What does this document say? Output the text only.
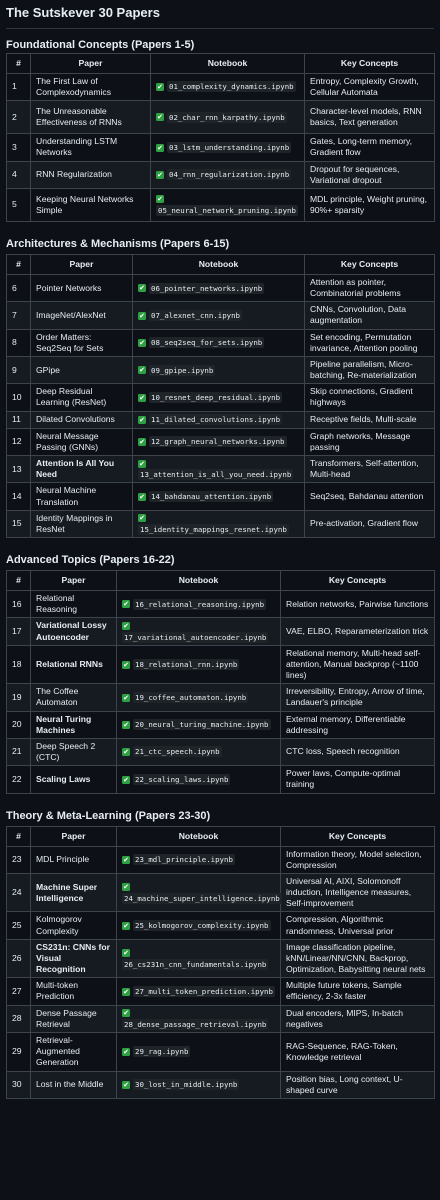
The Sutskever 30 Papers
Foundational Concepts (Papers 1-5)
#	Paper	Notebook	Key Concepts
1	The First Law of Complexodynamics	✔ 01_complexity_dynamics.ipynb	Entropy, Complexity Growth, Cellular Automata
2	The Unreasonable Effectiveness of RNNs	✔ 02_char_rnn_karpathy.ipynb	Character-level models, RNN basics, Text generation
3	Understanding LSTM Networks	✔ 03_lstm_understanding.ipynb	Gates, Long-term memory, Gradient flow
4	RNN Regularization	✔ 04_rnn_regularization.ipynb	Dropout for sequences, Variational dropout
5	Keeping Neural Networks Simple	✔05_neural_network_pruning.ipynb	MDL principle, Weight pruning, 90%+ sparsity
Architectures & Mechanisms (Papers 6-15)
#	Paper	Notebook	Key Concepts
6	Pointer Networks	✔ 06_pointer_networks.ipynb	Attention as pointer, Combinatorial problems
7	ImageNet/AlexNet	✔ 07_alexnet_cnn.ipynb	CNNs, Convolution, Data augmentation
8	Order Matters: Seq2Seq for Sets	✔ 08_seq2seq_for_sets.ipynb	Set encoding, Permutation invariance, Attention pooling
9	GPipe	✔ 09_gpipe.ipynb	Pipeline parallelism, Micro-batching, Re-materialization
10	Deep Residual Learning (ResNet)	✔ 10_resnet_deep_residual.ipynb	Skip connections, Gradient highways
11	Dilated Convolutions	✔ 11_dilated_convolutions.ipynb	Receptive fields, Multi-scale
12	Neural Message Passing (GNNs)	✔ 12_graph_neural_networks.ipynb	Graph networks, Message passing
13	Attention Is All You Need	✔13_attention_is_all_you_need.ipynb	Transformers, Self-attention, Multi-head
14	Neural Machine Translation	✔ 14_bahdanau_attention.ipynb	Seq2seq, Bahdanau attention
15	Identity Mappings in ResNet	✔15_identity_mappings_resnet.ipynb	Pre-activation, Gradient flow
Advanced Topics (Papers 16-22)
#	Paper	Notebook	Key Concepts
16	Relational Reasoning	✔ 16_relational_reasoning.ipynb	Relation networks, Pairwise functions
17	Variational Lossy Autoencoder	✔17_variational_autoencoder.ipynb	VAE, ELBO, Reparameterization trick
18	Relational RNNs	✔ 18_relational_rnn.ipynb	Relational memory, Multi-head self-attention, Manual backprop (~1100 lines)
19	The Coffee Automaton	✔ 19_coffee_automaton.ipynb	Irreversibility, Entropy, Arrow of time, Landauer's principle
20	Neural Turing Machines	✔ 20_neural_turing_machine.ipynb	External memory, Differentiable addressing
21	Deep Speech 2 (CTC)	✔ 21_ctc_speech.ipynb	CTC loss, Speech recognition
22	Scaling Laws	✔ 22_scaling_laws.ipynb	Power laws, Compute-optimal training
Theory & Meta-Learning (Papers 23-30)
#	Paper	Notebook	Key Concepts
23	MDL Principle	✔ 23_mdl_principle.ipynb	Information theory, Model selection, Compression
24	Machine Super Intelligence	✔24_machine_super_intelligence.ipynb	Universal AI, AIXI, Solomonoff induction, Intelligence measures, Self-improvement
25	Kolmogorov Complexity	✔ 25_kolmogorov_complexity.ipynb	Compression, Algorithmic randomness, Universal prior
26	CS231n: CNNs for Visual Recognition	✔26_cs231n_cnn_fundamentals.ipynb	Image classification pipeline, kNN/Linear/NN/CNN, Backprop, Optimization, Babysitting neural nets
27	Multi-token Prediction	✔ 27_multi_token_prediction.ipynb	Multiple future tokens, Sample efficiency, 2-3x faster
28	Dense Passage Retrieval	✔28_dense_passage_retrieval.ipynb	Dual encoders, MIPS, In-batch negatives
29	Retrieval-Augmented Generation	✔ 29_rag.ipynb	RAG-Sequence, RAG-Token, Knowledge retrieval
30	Lost in the Middle	✔ 30_lost_in_middle.ipynb	Position bias, Long context, U-shaped curve
